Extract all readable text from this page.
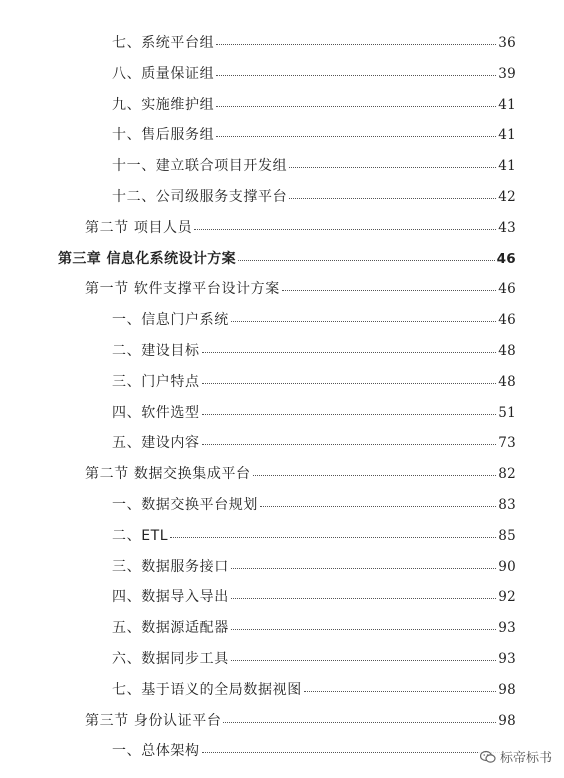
七、系统平台组	36
八、质量保证组	39
九、实施维护组	41
十、售后服务组	41
十一、建立联合项目开发组	41
十二、公司级服务支撑平台	42
第二节 项目人员	43
第三章 信息化系统设计方案	46
第一节 软件支撑平台设计方案	46
一、信息门户系统	46
二、建设目标	48
三、门户特点	48
四、软件选型	51
五、建设内容	73
第二节 数据交换集成平台	82
一、数据交换平台规划	83
二、ETL	85
三、数据服务接口	90
四、数据导入导出	92
五、数据源适配器	93
六、数据同步工具	93
七、基于语义的全局数据视图	98
第三节 身份认证平台	98
一、总体架构	标帝标书
